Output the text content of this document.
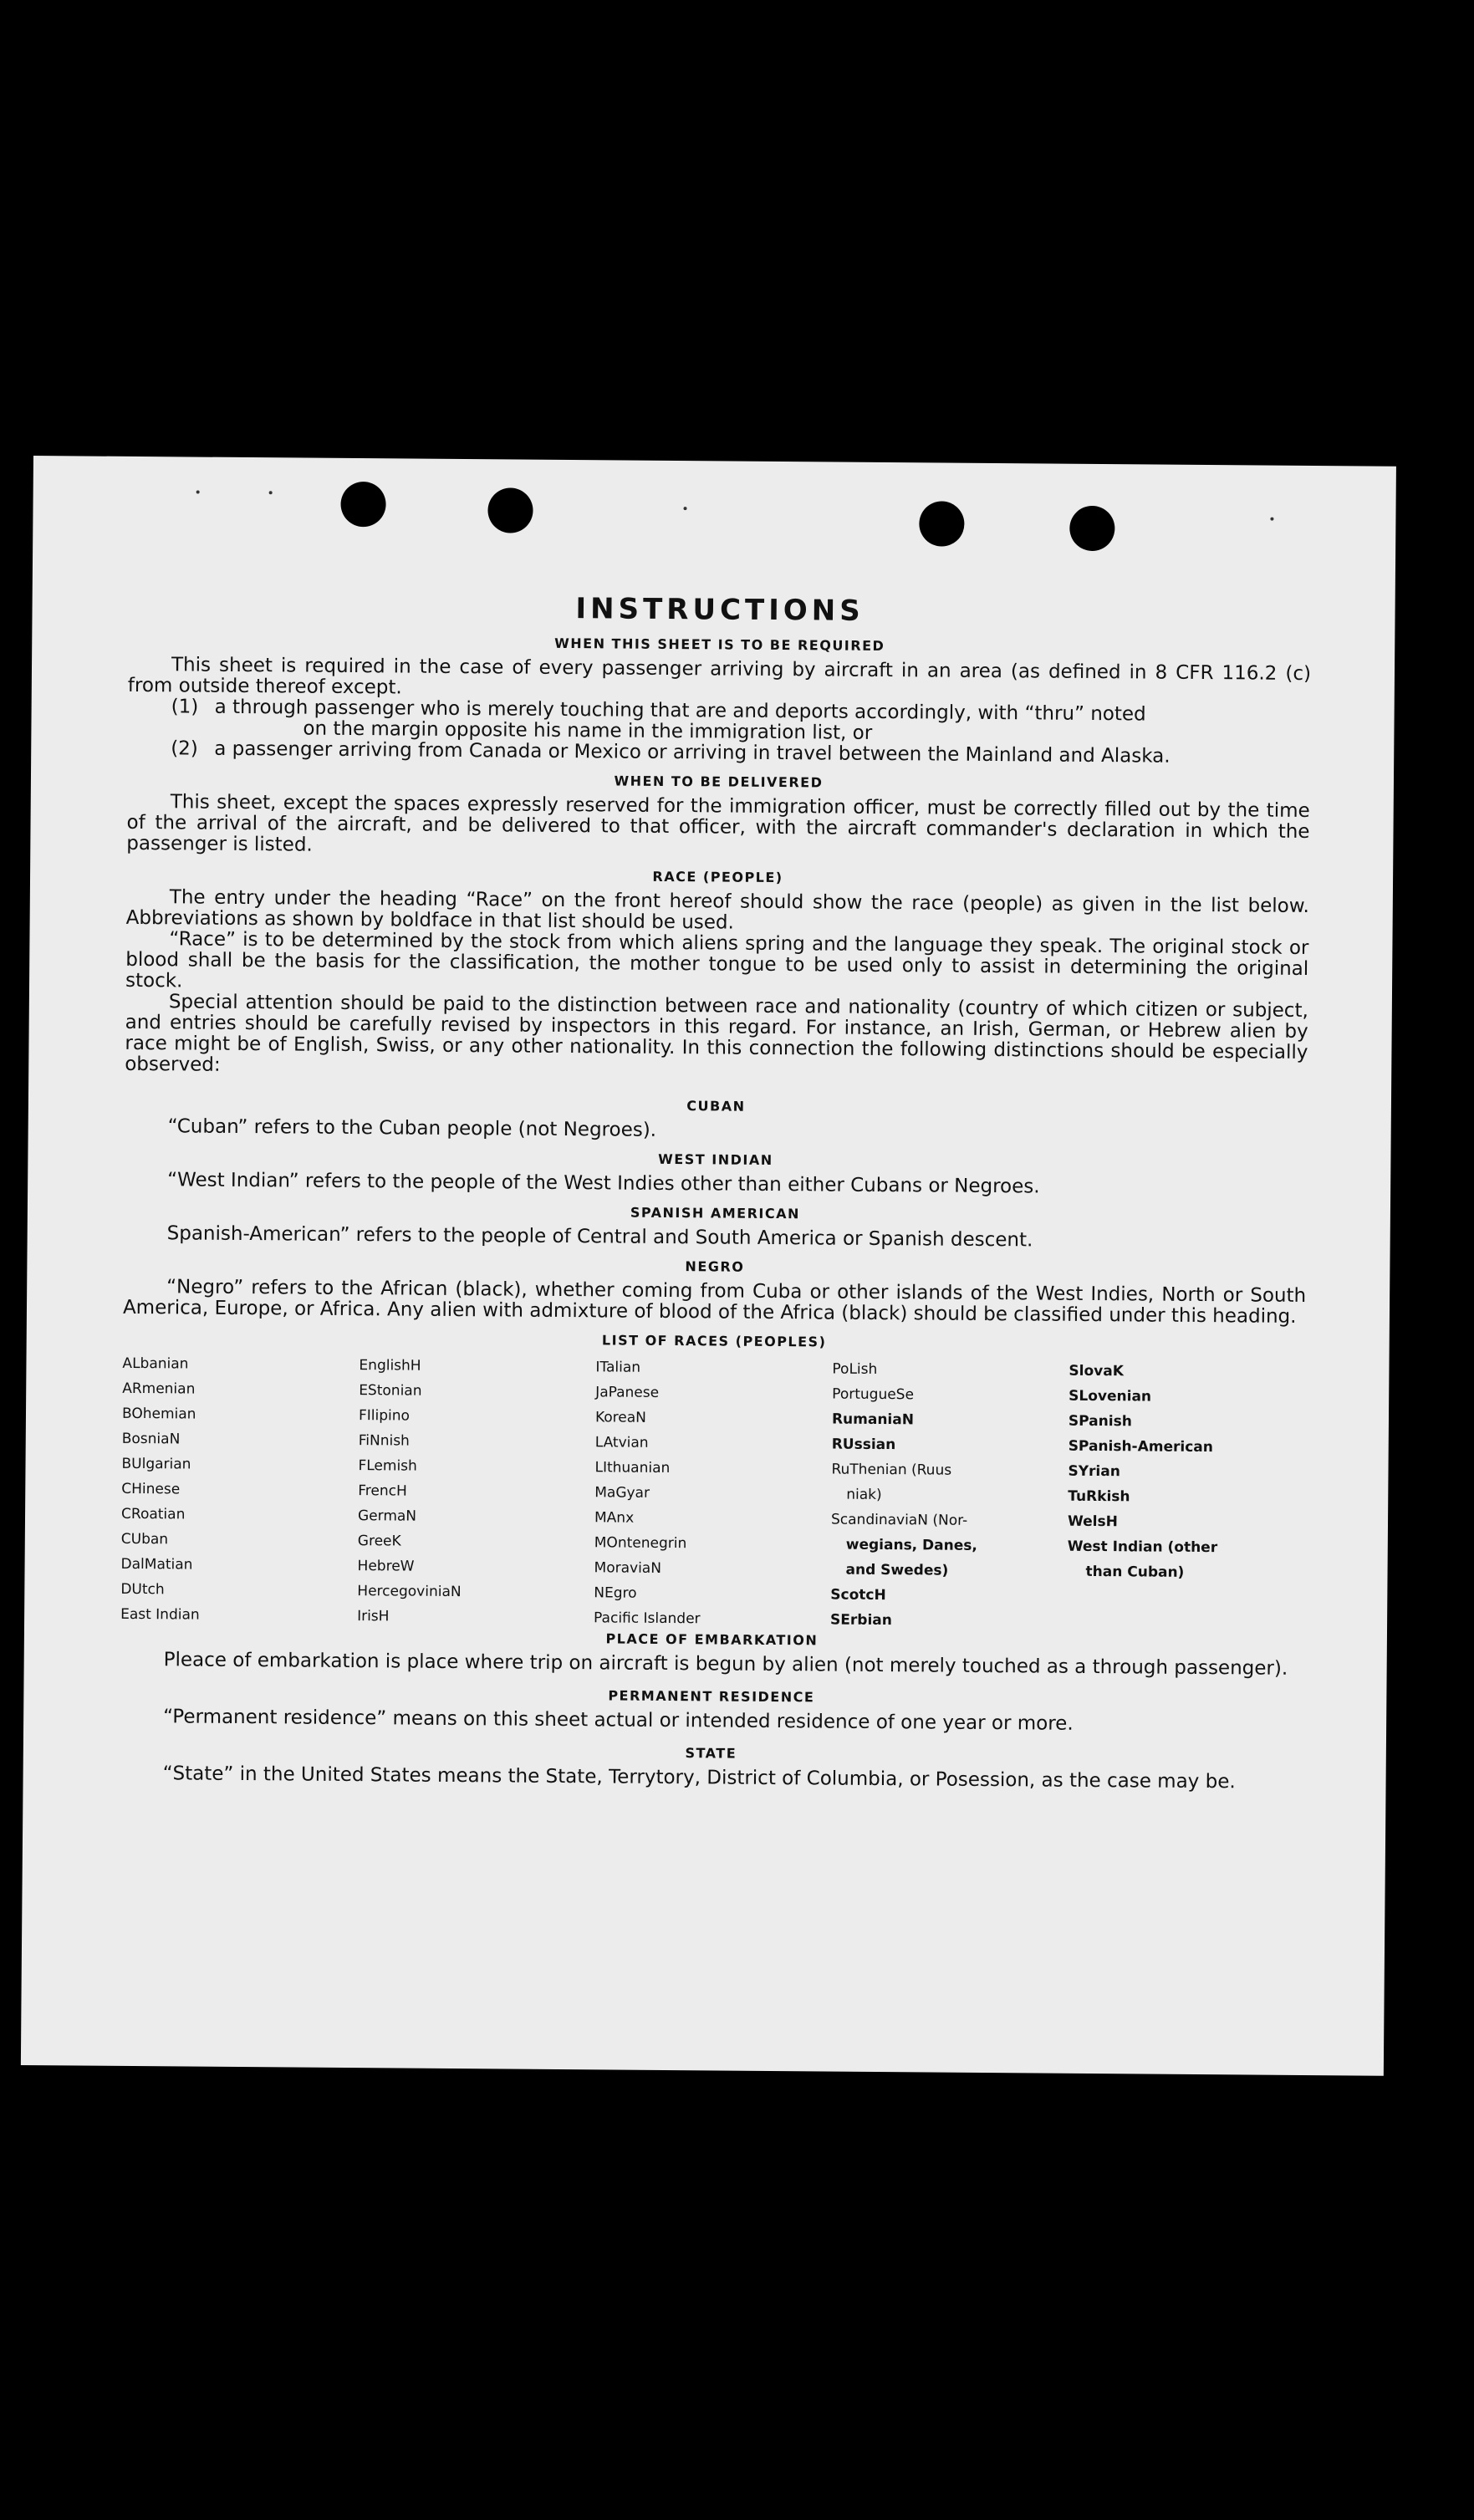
INSTRUCTIONS
WHEN THIS SHEET IS TO BE REQUIRED

This sheet is required in the case of every passenger arriving by aircraft in an area (as defined in 8 CFR 116.2 (c) from outside thereof except.

(1) a through passenger who is merely touching that are and deports accordingly, with “thru” noted
on the margin opposite his name in the immigration list, or
(2) a passenger arriving from Canada or Mexico or arriving in travel between the Mainland and Alaska.
WHEN TO BE DELIVERED

This sheet, except the spaces expressly reserved for the immigration officer, must be correctly filled out by the time of the arrival of the aircraft, and be delivered to that officer, with the aircraft commander's declaration in which the passenger is listed.

RACE (PEOPLE)

The entry under the heading “Race” on the front hereof should show the race (people) as given in the list below. Abbreviations as shown by boldface in that list should be used.

“Race” is to be determined by the stock from which aliens spring and the language they speak. The original stock or blood shall be the basis for the classification, the mother tongue to be used only to assist in determining the original stock.

Special attention should be paid to the distinction between race and nationality (country of which citizen or subject, and entries should be carefully revised by inspectors in this regard. For instance, an Irish, German, or Hebrew alien by race might be of English, Swiss, or any other nationality. In this connection the following distinctions should be especially observed:

CUBAN
“Cuban” refers to the Cuban people (not Negroes).
WEST INDIAN
“West Indian” refers to the people of the West Indies other than either Cubans or Negroes.
SPANISH AMERICAN
Spanish-American” refers to the people of Central and South America or Spanish descent.
NEGRO

“Negro” refers to the African (black), whether coming from Cuba or other islands of the West Indies, North or South America, Europe, or Africa. Any alien with admixture of blood of the Africa (black) should be classified under this heading.

LIST OF RACES (PEOPLES)
ALbanian
ARmenian
BOhemian
BosniaN
BUlgarian
CHinese
CRoatian
CUban
DalMatian
DUtch
East Indian
EnglishH
EStonian
FIlipino
FiNnish
FLemish
FrencH
GermaN
GreeK
HebreW
HercegoviniaN
IrisH
ITalian
JaPanese
KoreaN
LAtvian
LIthuanian
MaGyar
MAnx
MOntenegrin
MoraviaN
NEgro
Pacific Islander
PoLish
PortugueSe
RumaniaN
RUssian
RuThenian (Ruus
niak)
ScandinaviaN (Nor-
wegians, Danes,
and Swedes)
ScotcH
SErbian
SlovaK
SLovenian
SPanish
SPanish-American
SYrian
TuRkish
WelsH
West Indian (other
than Cuban)
PLACE OF EMBARKATION

Pleace of embarkation is place where trip on aircraft is begun by alien (not merely touched as a through passenger).

PERMANENT RESIDENCE
“Permanent residence” means on this sheet actual or intended residence of one year or more.
STATE
“State” in the United States means the State, Terrytory, District of Columbia, or Posession, as the case may be.
